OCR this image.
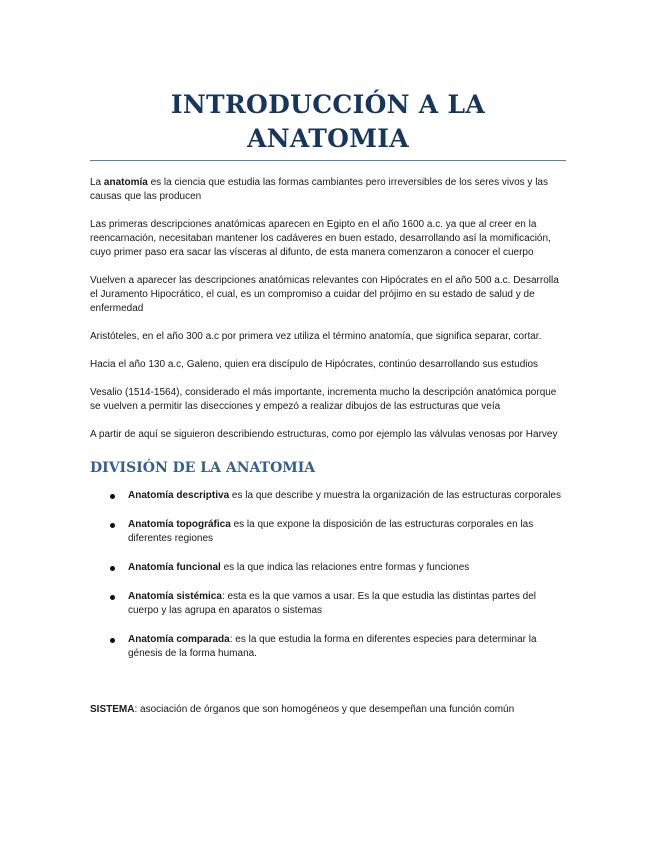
INTRODUCCIÓN A LA ANATOMIA

La anatomía es la ciencia que estudia las formas cambiantes pero irreversibles de los seres vivos y las causas que las producen

Las primeras descripciones anatómicas aparecen en Egipto en el año 1600 a.c. ya que al creer en la reencarnación, necesitaban mantener los cadáveres en buen estado, desarrollando así la momificación, cuyo primer paso era sacar las vísceras al difunto, de esta manera comenzaron a conocer el cuerpo

Vuelven a aparecer las descripciones anatómicas relevantes con Hipócrates en el año 500 a.c. Desarrolla el Juramento Hipocrático, el cual, es un compromiso a cuidar del prójimo en su estado de salud y de enfermedad

Aristóteles, en el año 300 a.c por primera vez utiliza el término anatomía, que significa separar, cortar.

Hacia el año 130 a.c, Galeno, quien era discípulo de Hipócrates, continúo desarrollando sus estudios

Vesalio (1514-1564), considerado el más importante, incrementa mucho la descripción anatómica porque se vuelven a permitir las disecciones y empezó a realizar dibujos de las estructuras que veía

A partir de aquí se siguieron describiendo estructuras, como por ejemplo las válvulas venosas por Harvey

DIVISIÓN DE LA ANATOMIA
Anatomía descriptiva es la que describe y muestra la organización de las estructuras corporales
Anatomía topográfica es la que expone la disposición de las estructuras corporales en las diferentes regiones
Anatomía funcional es la que indica las relaciones entre formas y funciones
Anatomía sistémica: esta es la que vamos a usar. Es la que estudia las distintas partes del cuerpo y las agrupa en aparatos o sistemas
Anatomía comparada: es la que estudia la forma en diferentes especies para determinar la génesis de la forma humana.

SISTEMA: asociación de órganos que son homogéneos y que desempeñan una función común
